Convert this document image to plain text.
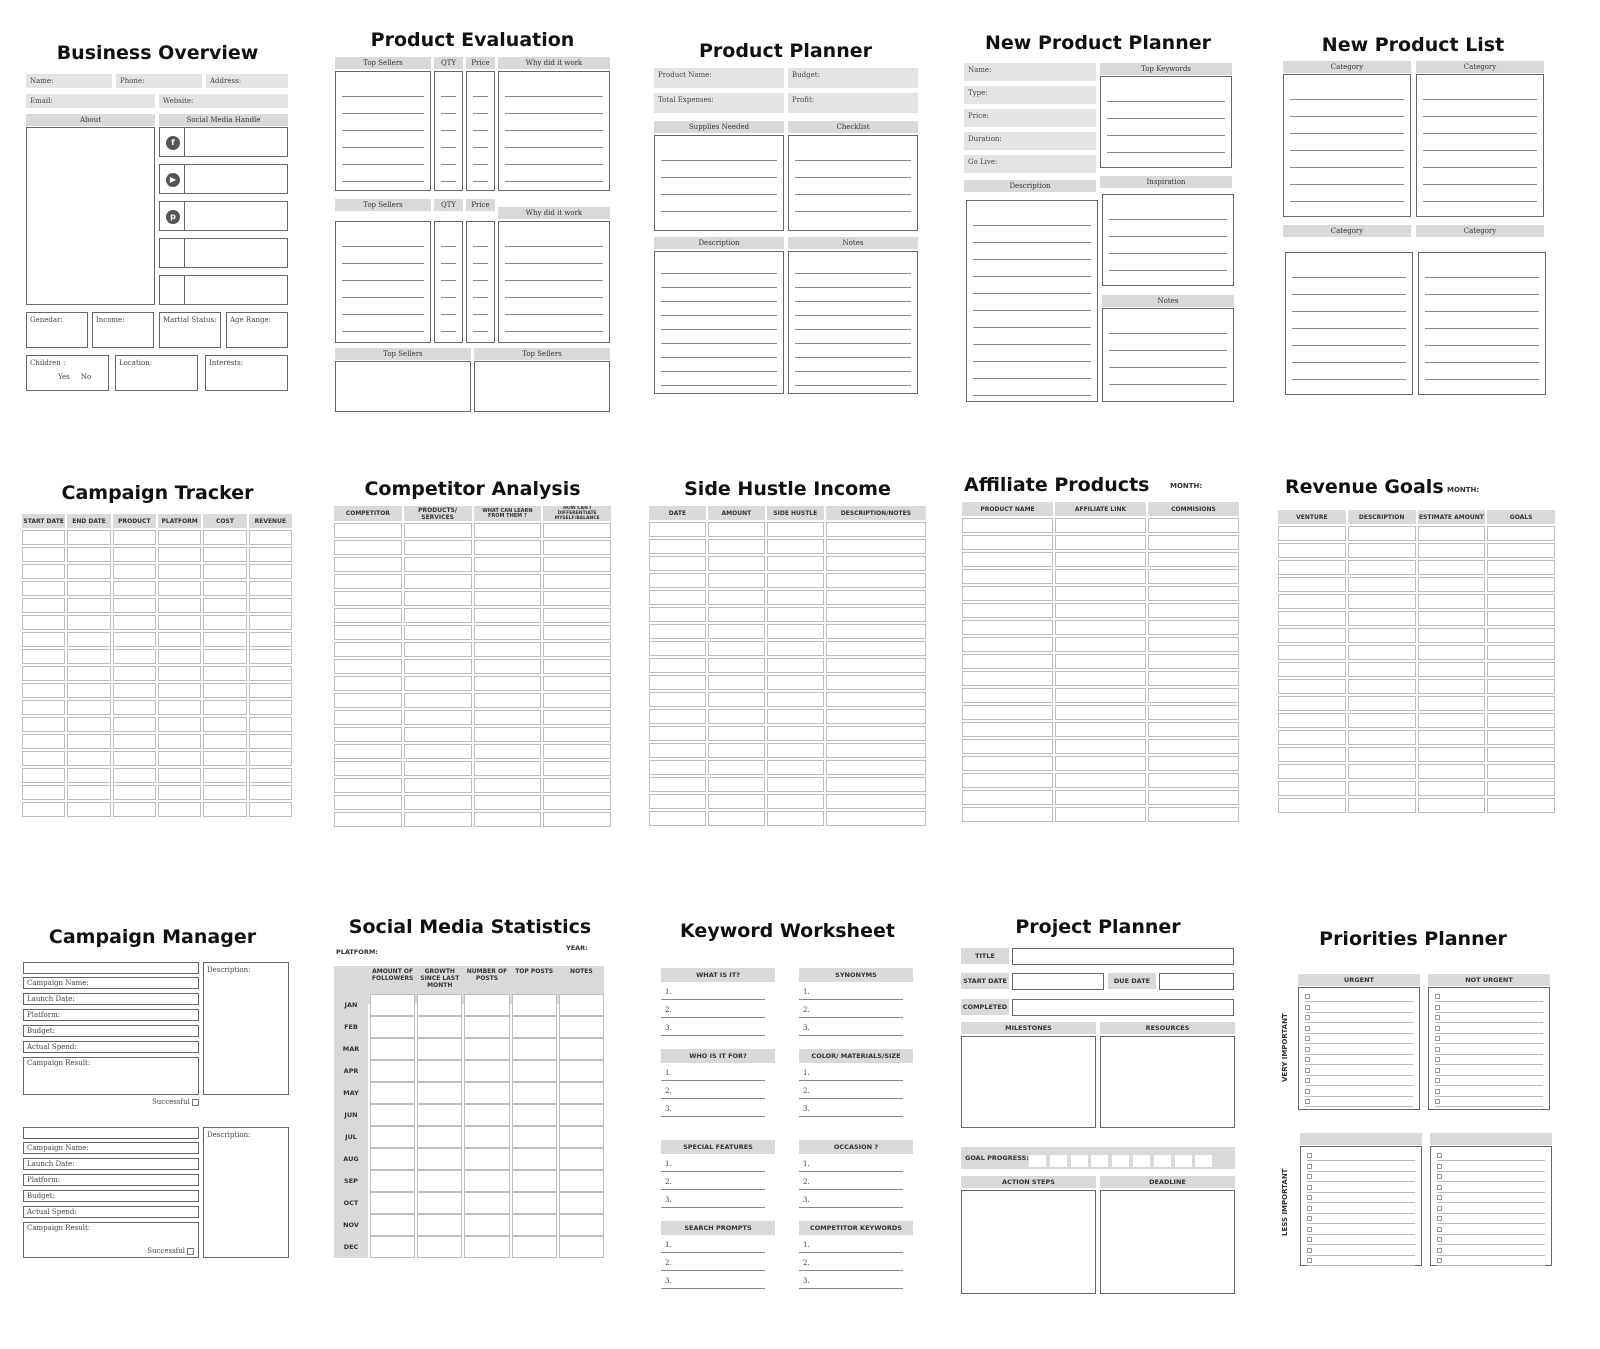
Business Overview
Name:	Phone:	Address:
Email:	Website:
About	Social Media Handle
f
▶
p
Genedar:	Income:	Martial Status:	Age Range:
Children :
Yes No
Location:	Interests:
Product Evaluation
Top Sellers	QTY	Price	Why did it work
Top Sellers	QTY	Price
Why did it work
Top Sellers	Top Sellers
Product Planner
Product Name:	Budget:
Total Expenses:	Profit:
Supplies Needed	Checklist
Description	Notes
New Product Planner
Name:
Type:
Price:
Duration:
Go Live:
Description
Top Keywords
Inspiration
Notes
New Product List
Category	Category
Category	Category
Campaign Tracker
START DATE	END DATE	PRODUCT	PLATFORM	COST	REVENUE

Competitor Analysis
COMPETITOR	PRODUCTS/ SERVICES	WHAT CAN LEARN FROM THEM ?	HOW CAN I DIFFERENTIATE MYSELF/BALANCE

Side Hustle Income
DATE	AMOUNT	SIDE HUSTLE	DESCRIPTION/NOTES

Affiliate Products	MONTH:
PRODUCT NAME	AFFILIATE LINK	COMMISIONS

Revenue Goals MONTH:
VENTURE	DESCRIPTION	ESTIMATE AMOUNT	GOALS

Campaign Manager
Campaign Name:
Launch Date:
Platform:
Budget:
Actual Spend:
Campaign Result:
Successful
Description:
Campaign Name:
Launch Date:
Platform:
Budget:
Actual Spend:
Campaign Result:
Successful
Description:
Social Media Statistics
PLATFORM:	YEAR:
	AMOUNT OF FOLLOWERS	GROWTH SINCE LAST MONTH	NUMBER OF POSTS	TOP POSTS	NOTES
JAN					
FEB					
MAR					
APR					
MAY					
JUN					
JUL					
AUG					
SEP					
OCT					
NOV					
DEC					
Keyword Worksheet
WHAT IS IT?
1.
2.
3.
SYNONYMS
1.
2.
3.
WHO IS IT FOR?
1.
2.
3.
COLOR/ MATERIALS/SIZE
1.
2.
3.
SPECIAL FEATURES
1.
2.
3.
OCCASION ?
1.
2.
3.
SEARCH PROMPTS
1.
2.
3.
COMPETITOR KEYWORDS
1.
2.
3.
Project Planner
TITLE
START DATE	DUE DATE
COMPLETED
MILESTONES	RESOURCES
GOAL PROGRESS:
ACTION STEPS	DEADLINE
Priorities Planner
URGENT	NOT URGENT
VERY IMPORTANT
LESS IMPORTANT
